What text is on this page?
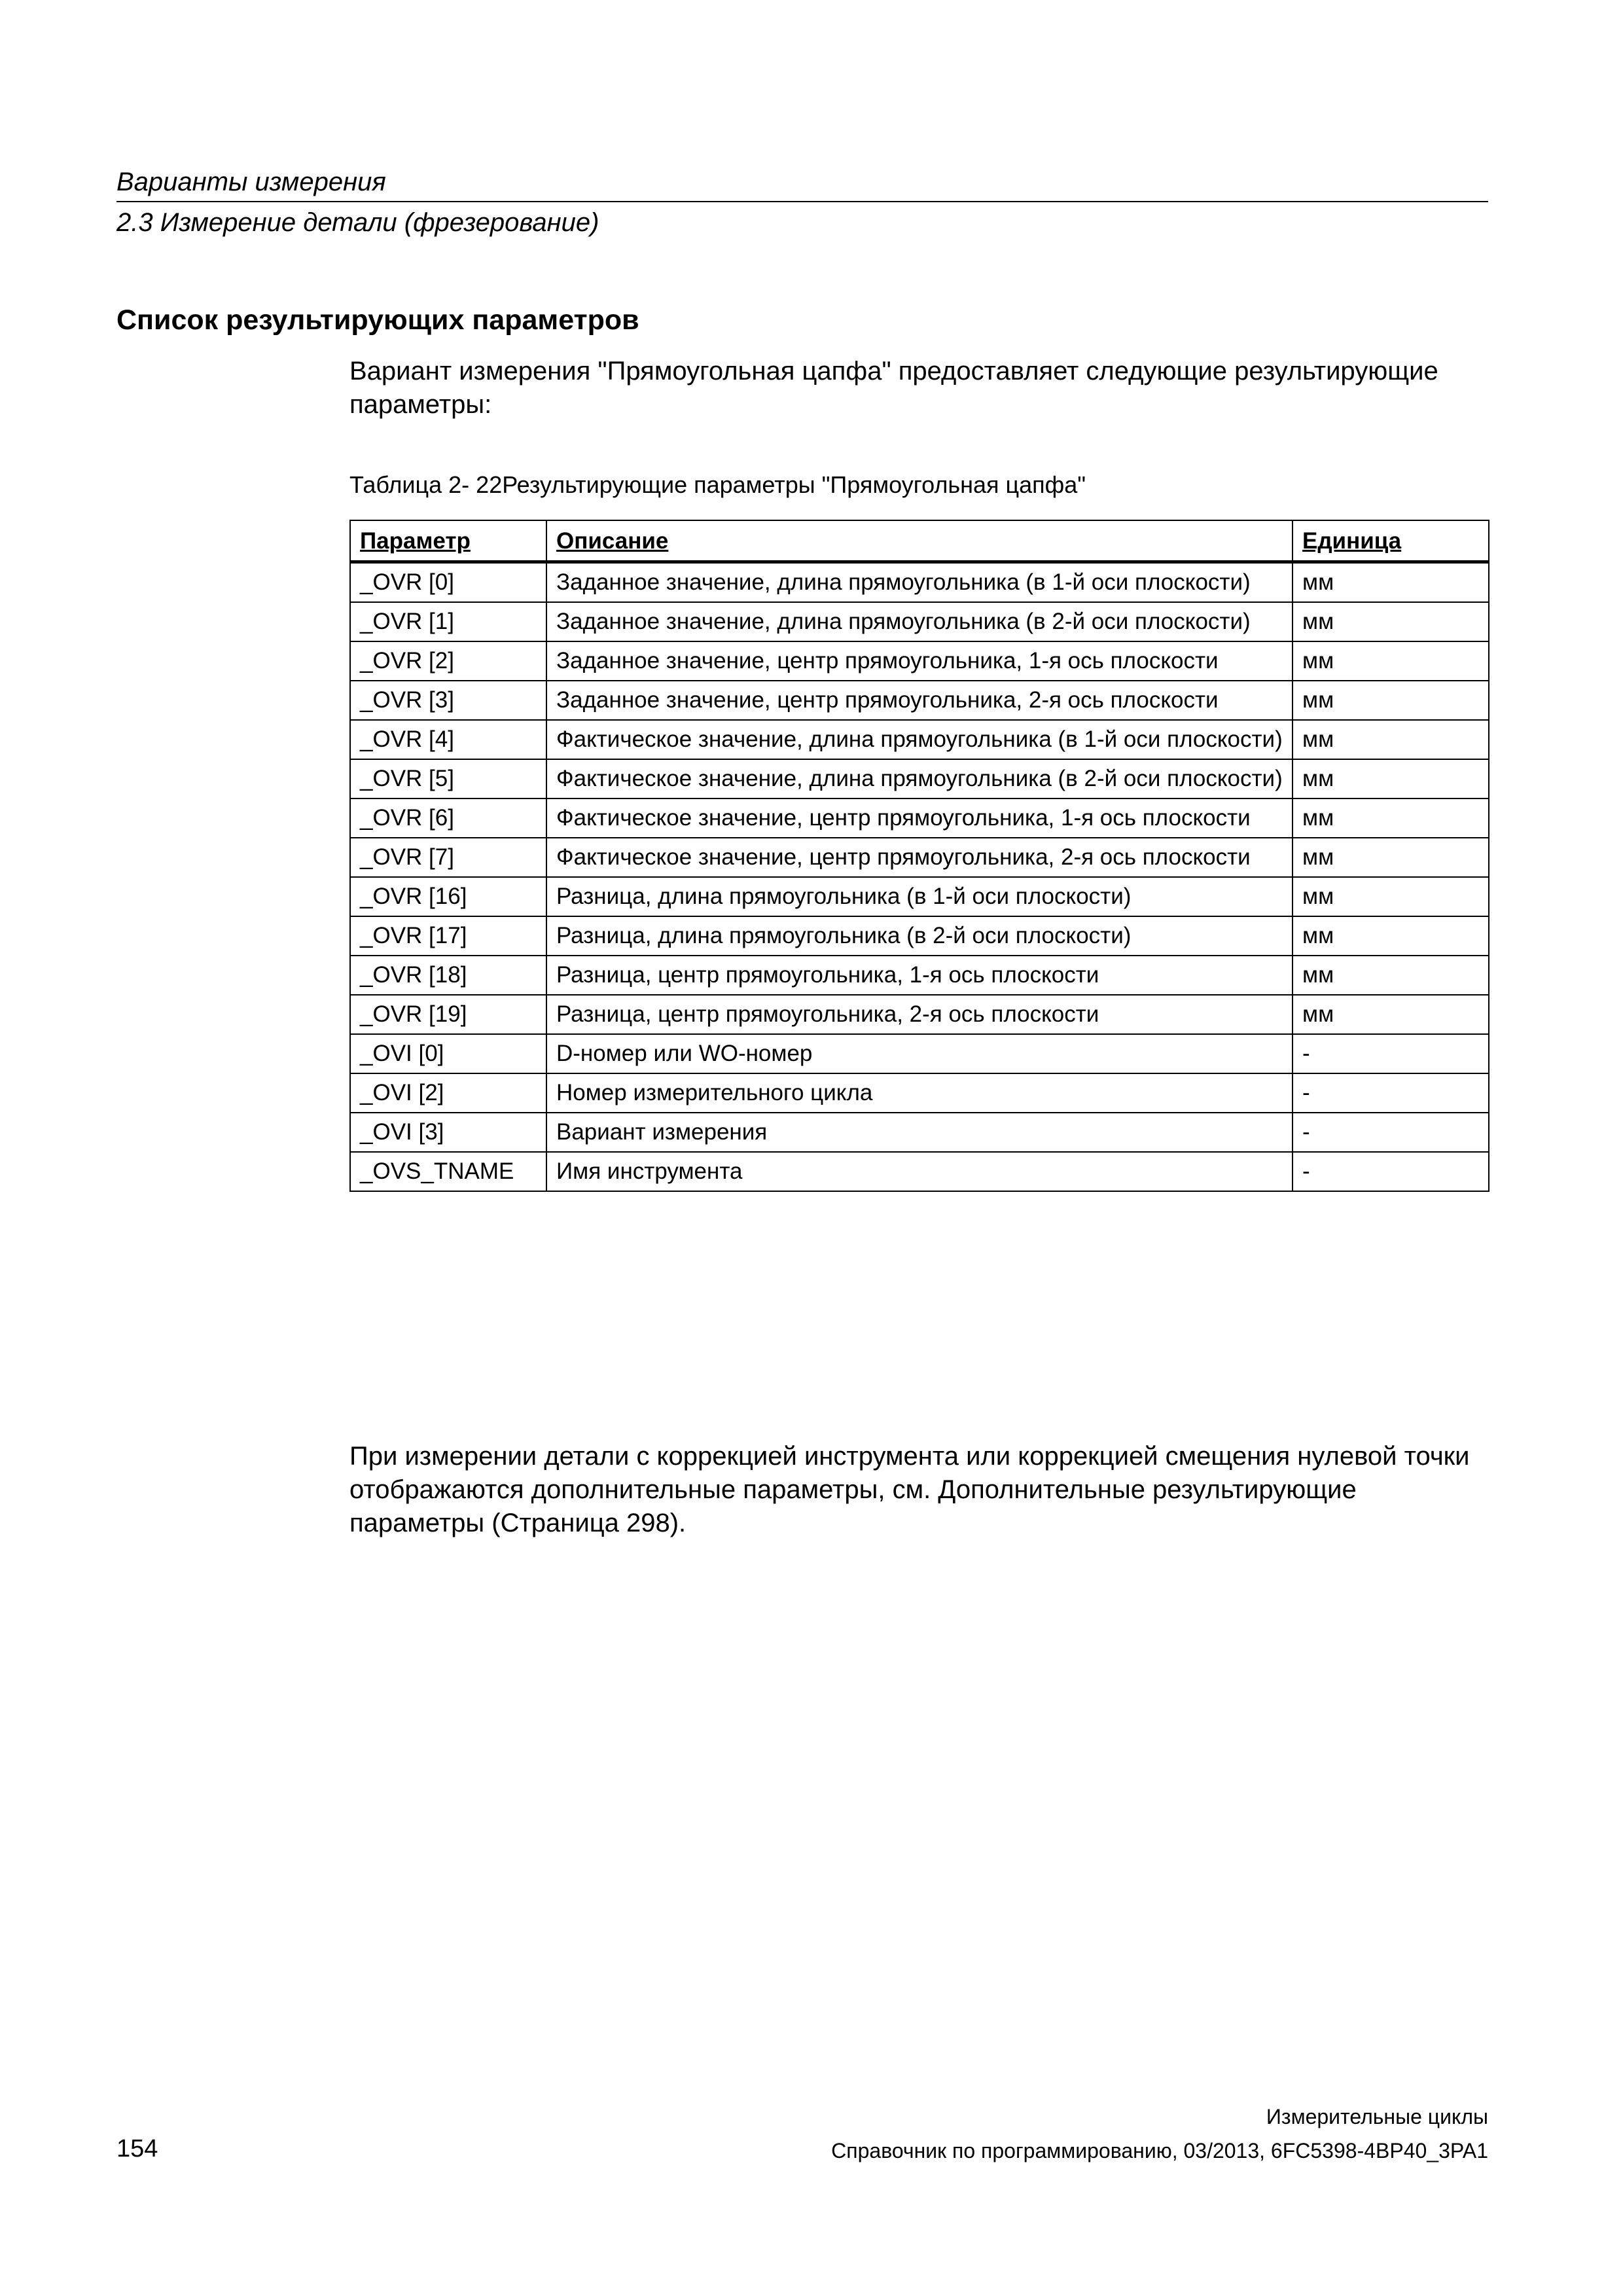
Варианты измерения
2.3 Измерение детали (фрезерование)
Список результирующих параметров
Вариант измерения "Прямоугольная цапфа" предоставляет следующие результирующие параметры:
Таблица 2- 22Результирующие параметры "Прямоугольная цапфа"
Параметр	Описание	Единица
_OVR [0]	Заданное значение, длина прямоугольника (в 1-й оси плоскости)	мм
_OVR [1]	Заданное значение, длина прямоугольника (в 2-й оси плоскости)	мм
_OVR [2]	Заданное значение, центр прямоугольника, 1-я ось плоскости	мм
_OVR [3]	Заданное значение, центр прямоугольника, 2-я ось плоскости	мм
_OVR [4]	Фактическое значение, длина прямоугольника (в 1-й оси плоскости)	мм
_OVR [5]	Фактическое значение, длина прямоугольника (в 2-й оси плоскости)	мм
_OVR [6]	Фактическое значение, центр прямоугольника, 1-я ось плоскости	мм
_OVR [7]	Фактическое значение, центр прямоугольника, 2-я ось плоскости	мм
_OVR [16]	Разница, длина прямоугольника (в 1-й оси плоскости)	мм
_OVR [17]	Разница, длина прямоугольника (в 2-й оси плоскости)	мм
_OVR [18]	Разница, центр прямоугольника, 1-я ось плоскости	мм
_OVR [19]	Разница, центр прямоугольника, 2-я ось плоскости	мм
_OVI [0]	D-номер или WO-номер	-
_OVI [2]	Номер измерительного цикла	-
_OVI [3]	Вариант измерения	-
_OVS_TNAME	Имя инструмента	-
При измерении детали с коррекцией инструмента или коррекцией смещения нулевой точки отображаются дополнительные параметры, см. Дополнительные результирующие параметры (Страница 298).
Измерительные циклы
154	Справочник по программированию, 03/2013, 6FC5398-4BP40_3PA1
